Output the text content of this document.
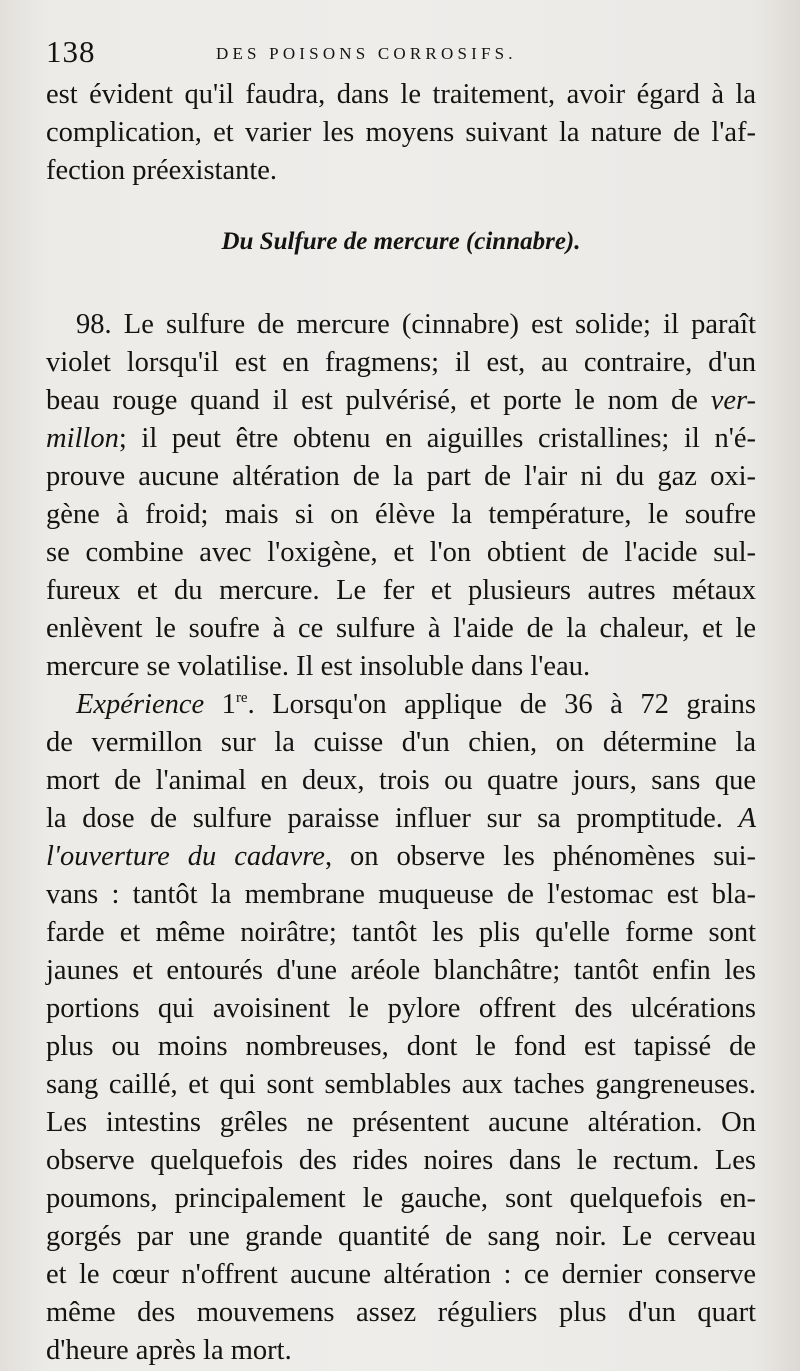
138	DES POISONS CORROSIFS.
est évident qu'il faudra, dans le traitement, avoir égard à la
complication, et varier les moyens suivant la nature de l'af-
fection préexistante.
Du Sulfure de mercure (cinnabre).
98. Le sulfure de mercure (cinnabre) est solide; il paraît
violet lorsqu'il est en fragmens; il est, au contraire, d'un
beau rouge quand il est pulvérisé, et porte le nom de ver-
millon; il peut être obtenu en aiguilles cristallines; il n'é-
prouve aucune altération de la part de l'air ni du gaz oxi-
gène à froid; mais si on élève la température, le soufre
se combine avec l'oxigène, et l'on obtient de l'acide sul-
fureux et du mercure. Le fer et plusieurs autres métaux
enlèvent le soufre à ce sulfure à l'aide de la chaleur, et le
mercure se volatilise. Il est insoluble dans l'eau.
Expérience 1re. Lorsqu'on applique de 36 à 72 grains
de vermillon sur la cuisse d'un chien, on détermine la
mort de l'animal en deux, trois ou quatre jours, sans que
la dose de sulfure paraisse influer sur sa promptitude. A
l'ouverture du cadavre, on observe les phénomènes sui-
vans : tantôt la membrane muqueuse de l'estomac est bla-
farde et même noirâtre; tantôt les plis qu'elle forme sont
jaunes et entourés d'une aréole blanchâtre; tantôt enfin les
portions qui avoisinent le pylore offrent des ulcérations
plus ou moins nombreuses, dont le fond est tapissé de
sang caillé, et qui sont semblables aux taches gangreneuses.
Les intestins grêles ne présentent aucune altération. On
observe quelquefois des rides noires dans le rectum. Les
poumons, principalement le gauche, sont quelquefois en-
gorgés par une grande quantité de sang noir. Le cerveau
et le cœur n'offrent aucune altération : ce dernier conserve
même des mouvemens assez réguliers plus d'un quart
d'heure après la mort.
